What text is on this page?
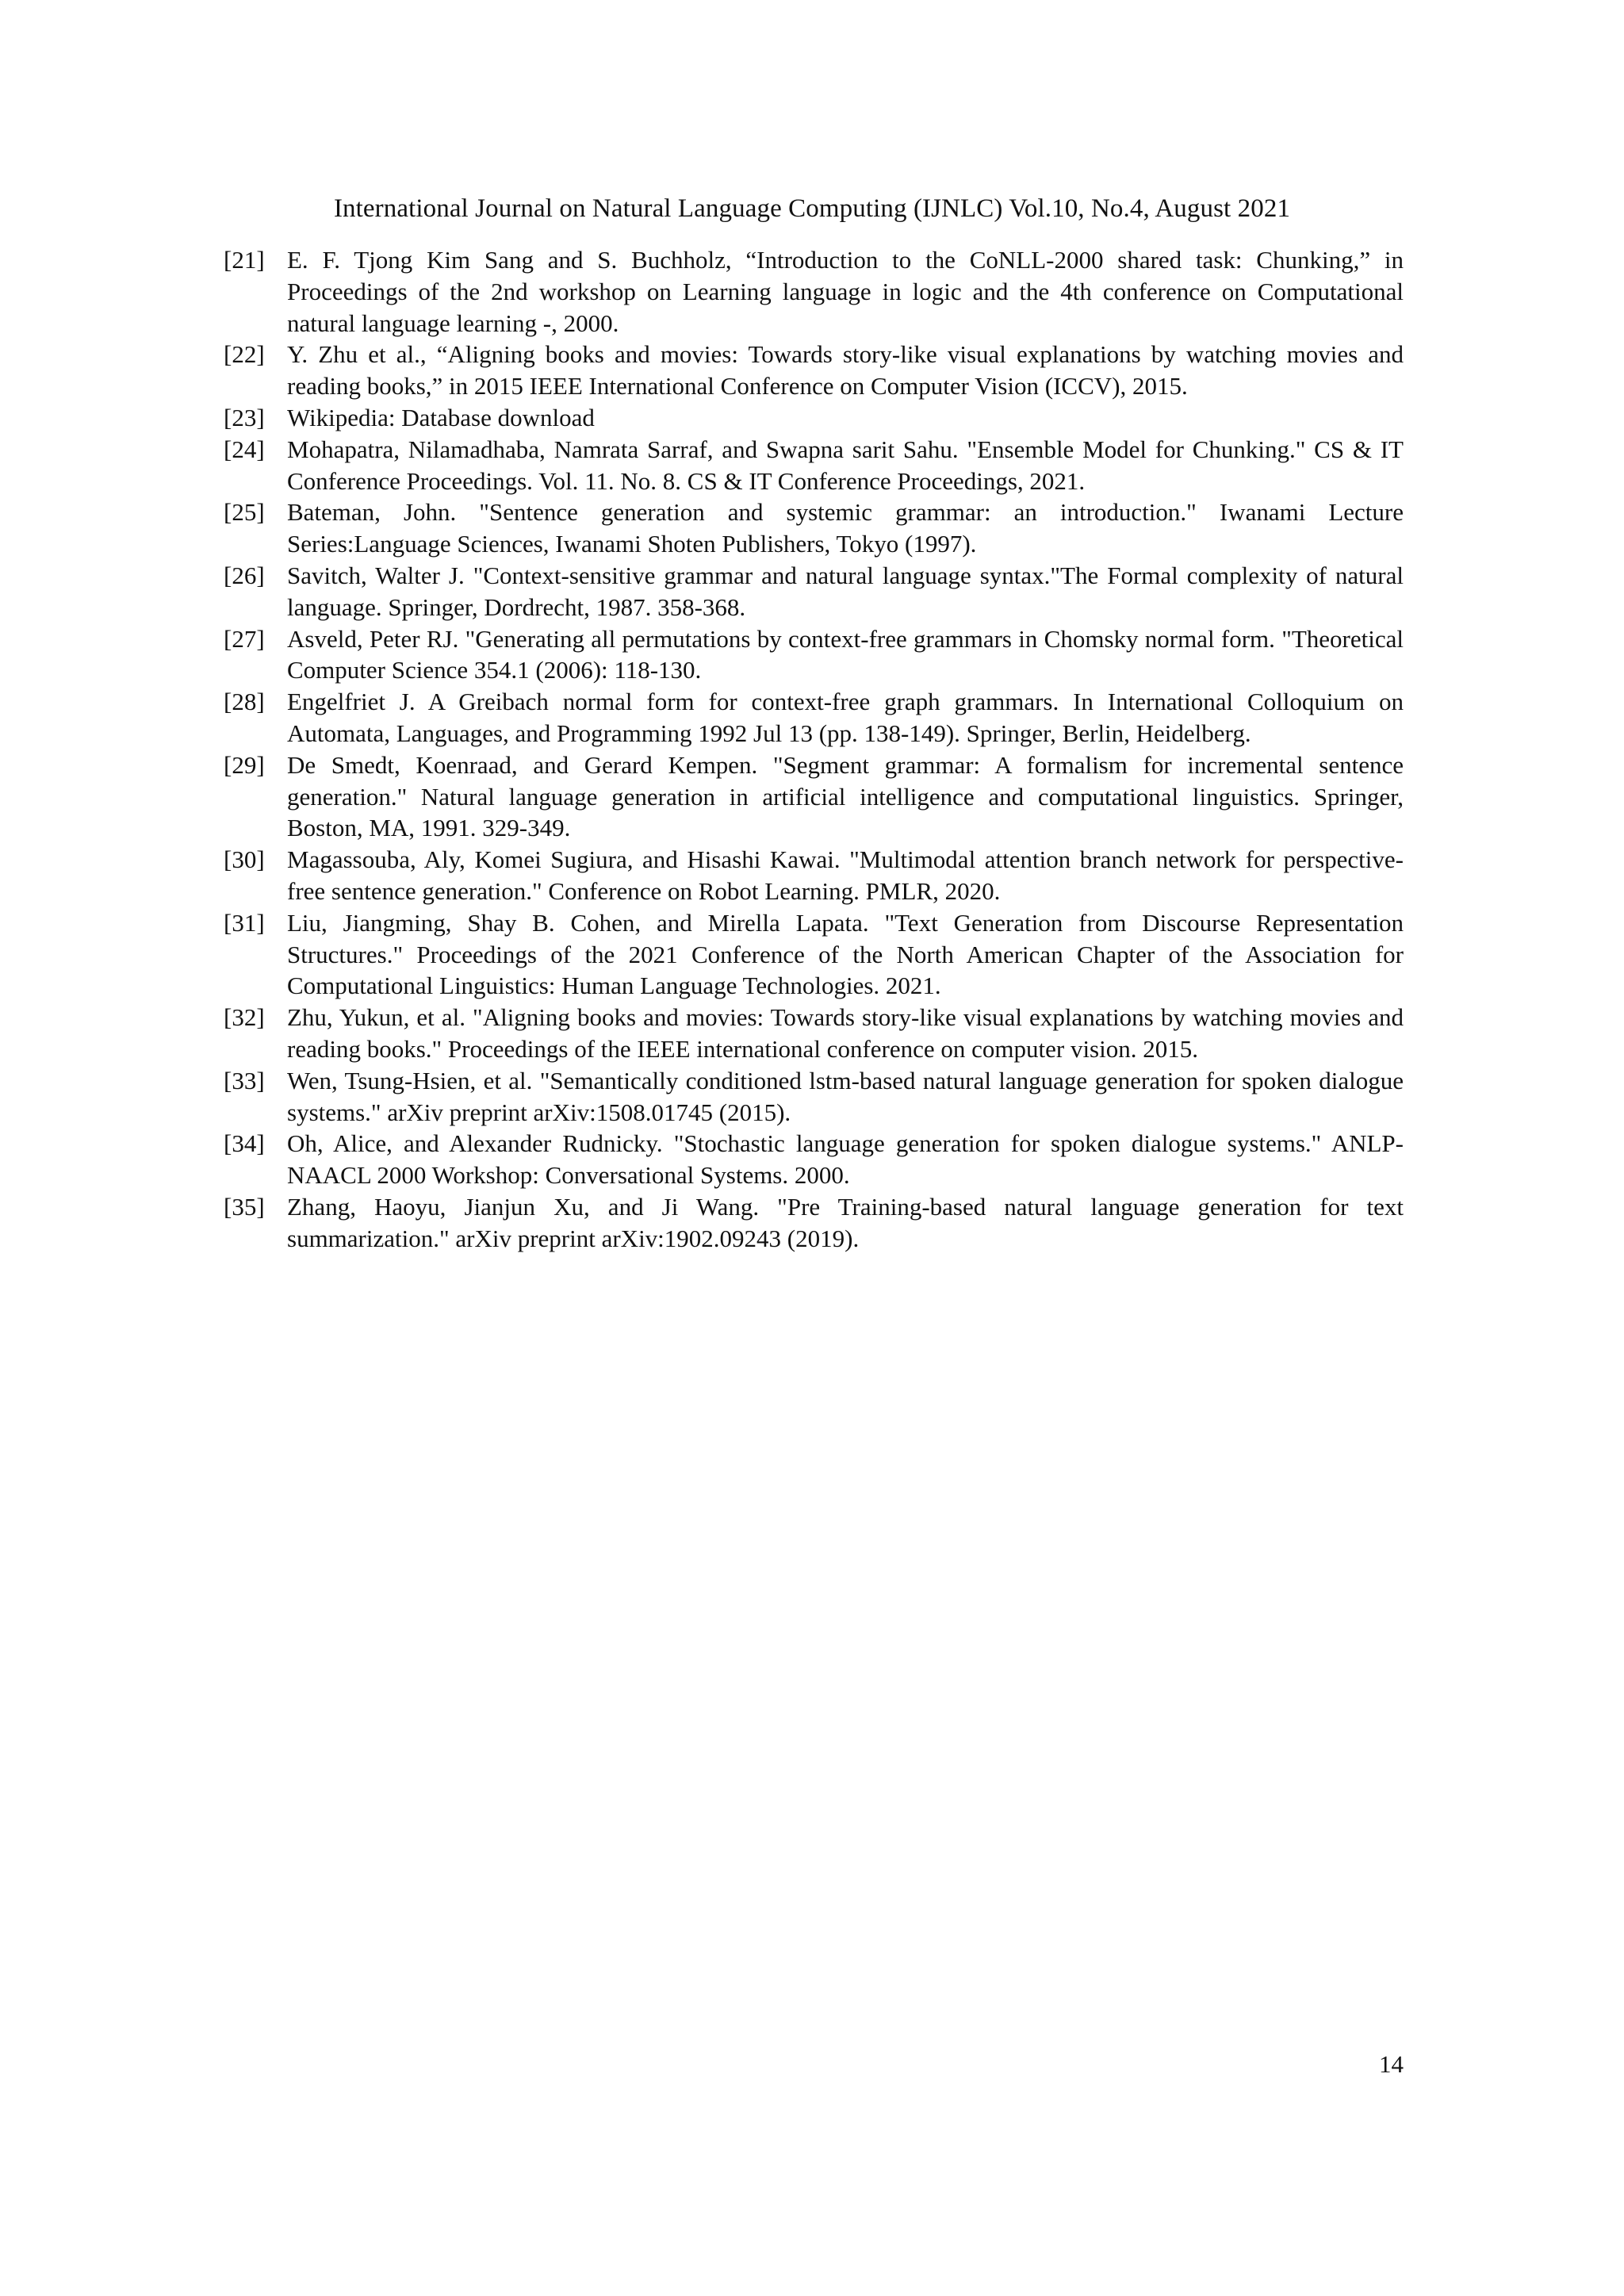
International Journal on Natural Language Computing (IJNLC) Vol.10, No.4, August 2021
[21] E. F. Tjong Kim Sang and S. Buchholz, “Introduction to the CoNLL-2000 shared task: Chunking,” in Proceedings of the 2nd workshop on Learning language in logic and the 4th conference on Computational natural language learning -, 2000.
[22] Y. Zhu et al., “Aligning books and movies: Towards story-like visual explanations by watching movies and reading books,” in 2015 IEEE International Conference on Computer Vision (ICCV), 2015.
[23] Wikipedia: Database download
[24] Mohapatra, Nilamadhaba, Namrata Sarraf, and Swapna sarit Sahu. "Ensemble Model for Chunking." CS & IT Conference Proceedings. Vol. 11. No. 8. CS & IT Conference Proceedings, 2021.
[25] Bateman, John. "Sentence generation and systemic grammar: an introduction." Iwanami Lecture Series:Language Sciences, Iwanami Shoten Publishers, Tokyo (1997).
[26] Savitch, Walter J. "Context-sensitive grammar and natural language syntax."The Formal complexity of natural language. Springer, Dordrecht, 1987. 358-368.
[27] Asveld, Peter RJ. "Generating all permutations by context-free grammars in Chomsky normal form. "Theoretical Computer Science 354.1 (2006): 118-130.
[28] Engelfriet J. A Greibach normal form for context-free graph grammars. In International Colloquium on Automata, Languages, and Programming 1992 Jul 13 (pp. 138-149). Springer, Berlin, Heidelberg.
[29] De Smedt, Koenraad, and Gerard Kempen. "Segment grammar: A formalism for incremental sentence generation." Natural language generation in artificial intelligence and computational linguistics. Springer, Boston, MA, 1991. 329-349.
[30] Magassouba, Aly, Komei Sugiura, and Hisashi Kawai. "Multimodal attention branch network for perspective-free sentence generation." Conference on Robot Learning. PMLR, 2020.
[31] Liu, Jiangming, Shay B. Cohen, and Mirella Lapata. "Text Generation from Discourse Representation Structures." Proceedings of the 2021 Conference of the North American Chapter of the Association for Computational Linguistics: Human Language Technologies. 2021.
[32] Zhu, Yukun, et al. "Aligning books and movies: Towards story-like visual explanations by watching movies and reading books." Proceedings of the IEEE international conference on computer vision. 2015.
[33] Wen, Tsung-Hsien, et al. "Semantically conditioned lstm-based natural language generation for spoken dialogue systems." arXiv preprint arXiv:1508.01745 (2015).
[34] Oh, Alice, and Alexander Rudnicky. "Stochastic language generation for spoken dialogue systems." ANLP-NAACL 2000 Workshop: Conversational Systems. 2000.
[35] Zhang, Haoyu, Jianjun Xu, and Ji Wang. "Pre Training-based natural language generation for text summarization." arXiv preprint arXiv:1902.09243 (2019).
14
